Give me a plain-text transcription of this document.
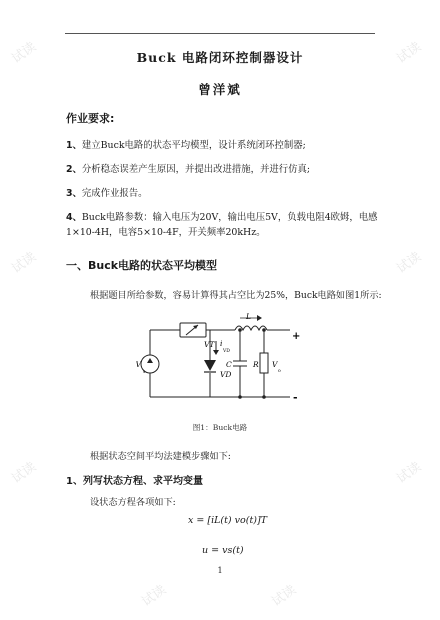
Buck 电路闭环控制器设计
曾洋斌
作业要求:
1、建立Buck电路的状态平均模型，设计系统闭环控制器;
2、分析稳态误差产生原因，并提出改进措施，并进行仿真;
3、完成作业报告。
4、Buck电路参数：输入电压为20V，输出电压5V，负载电阻4欧姆，电感1×10-4H，电容5×10-4F，开关频率20kHz。
一、Buck电路的状态平均模型
根据题目所给参数，容易计算得其占空比为25%，Buck电路如图1所示:
VT
VD
L
i
VD
C	R V
o
V
s
+
-
图1：Buck电路
根据状态空间平均法建模步骤如下:
1、列写状态方程、求平均变量
设状态方程各项如下:
x = [iL(t) vo(t)]T
u = vs(t)
1
试读	试读
试读	试读
试读	试读
试读	试读
